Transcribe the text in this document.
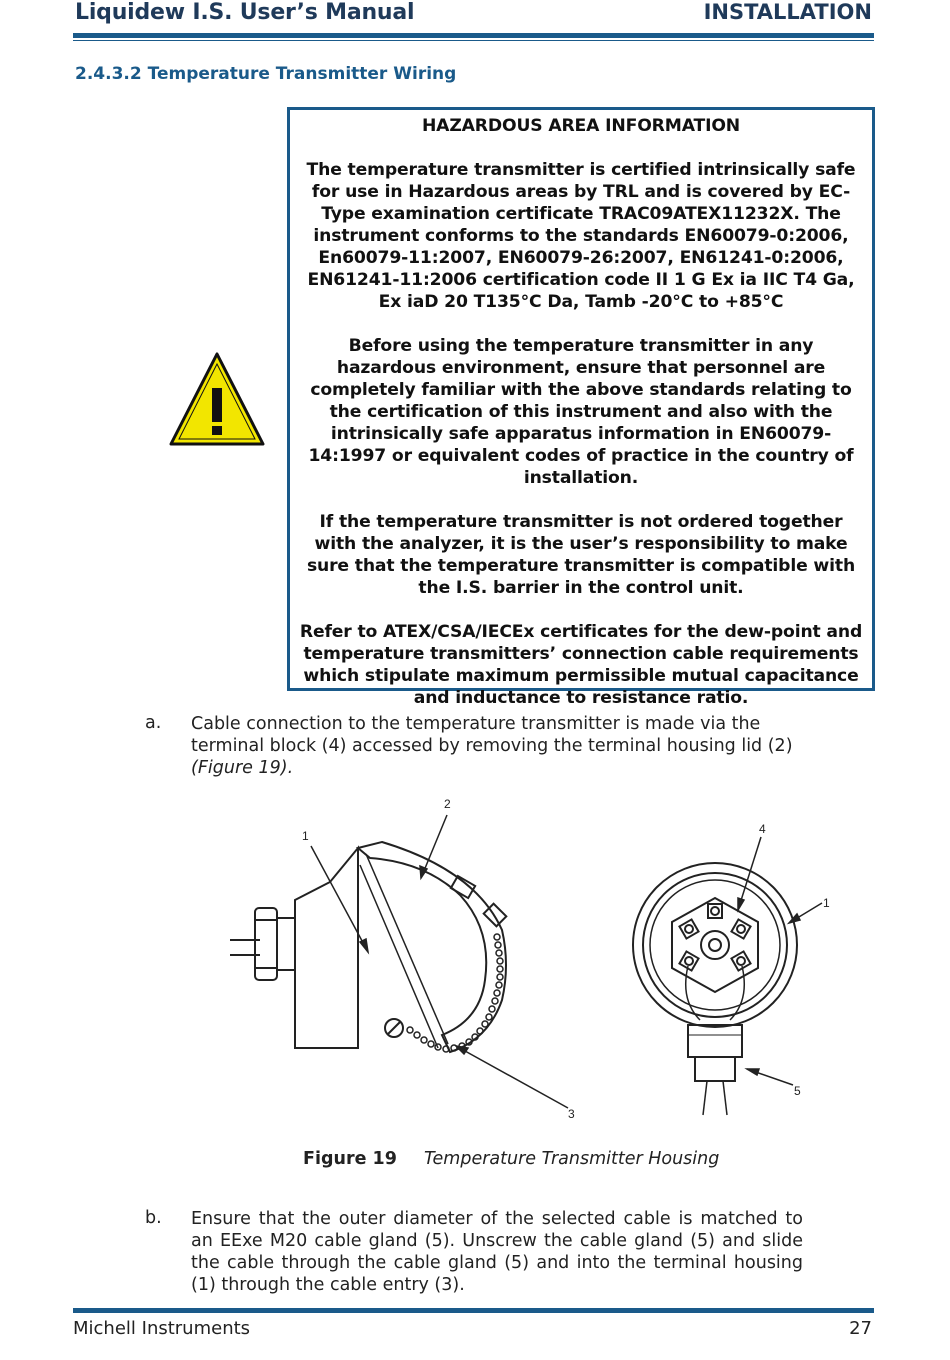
Liquidew I.S. User’s Manual	INSTALLATION
2.4.3.2 Temperature Transmitter Wiring

HAZARDOUS AREA INFORMATION

The temperature transmitter is certified intrinsically safe for use in Hazardous areas by TRL and is covered by EC-Type examination certificate TRAC09ATEX11232X. The instrument conforms to the standards EN60079-0:2006, En60079-11:2007, EN60079-26:2007, EN61241-0:2006, EN61241-11:2006 certification code II 1 G Ex ia IIC T4 Ga, Ex iaD 20 T135°C Da, Tamb -20°C to +85°C

Before using the temperature transmitter in any hazardous environment, ensure that personnel are completely familiar with the above standards relating to the certification of this instrument and also with the intrinsically safe apparatus information in EN60079-14:1997 or equivalent codes of practice in the country of installation.

If the temperature transmitter is not ordered together with the analyzer, it is the user’s responsibility to make sure that the temperature transmitter is compatible with the I.S. barrier in the control unit.

Refer to ATEX/CSA/IECEx certificates for the dew-point and temperature transmitters’ connection cable requirements which stipulate maximum permissible mutual capacitance and inductance to resistance ratio.

a. Cable connection to the temperature transmitter is made via the terminal block (4) accessed by removing the terminal housing lid (2) (Figure 19).
1
2
3
4
1
5
Figure 19 Temperature Transmitter Housing
b. Ensure that the outer diameter of the selected cable is matched to an EExe M20 cable gland (5). Unscrew the cable gland (5) and slide the cable through the cable gland (5) and into the terminal housing (1) through the cable entry (3).
Michell Instruments	27
